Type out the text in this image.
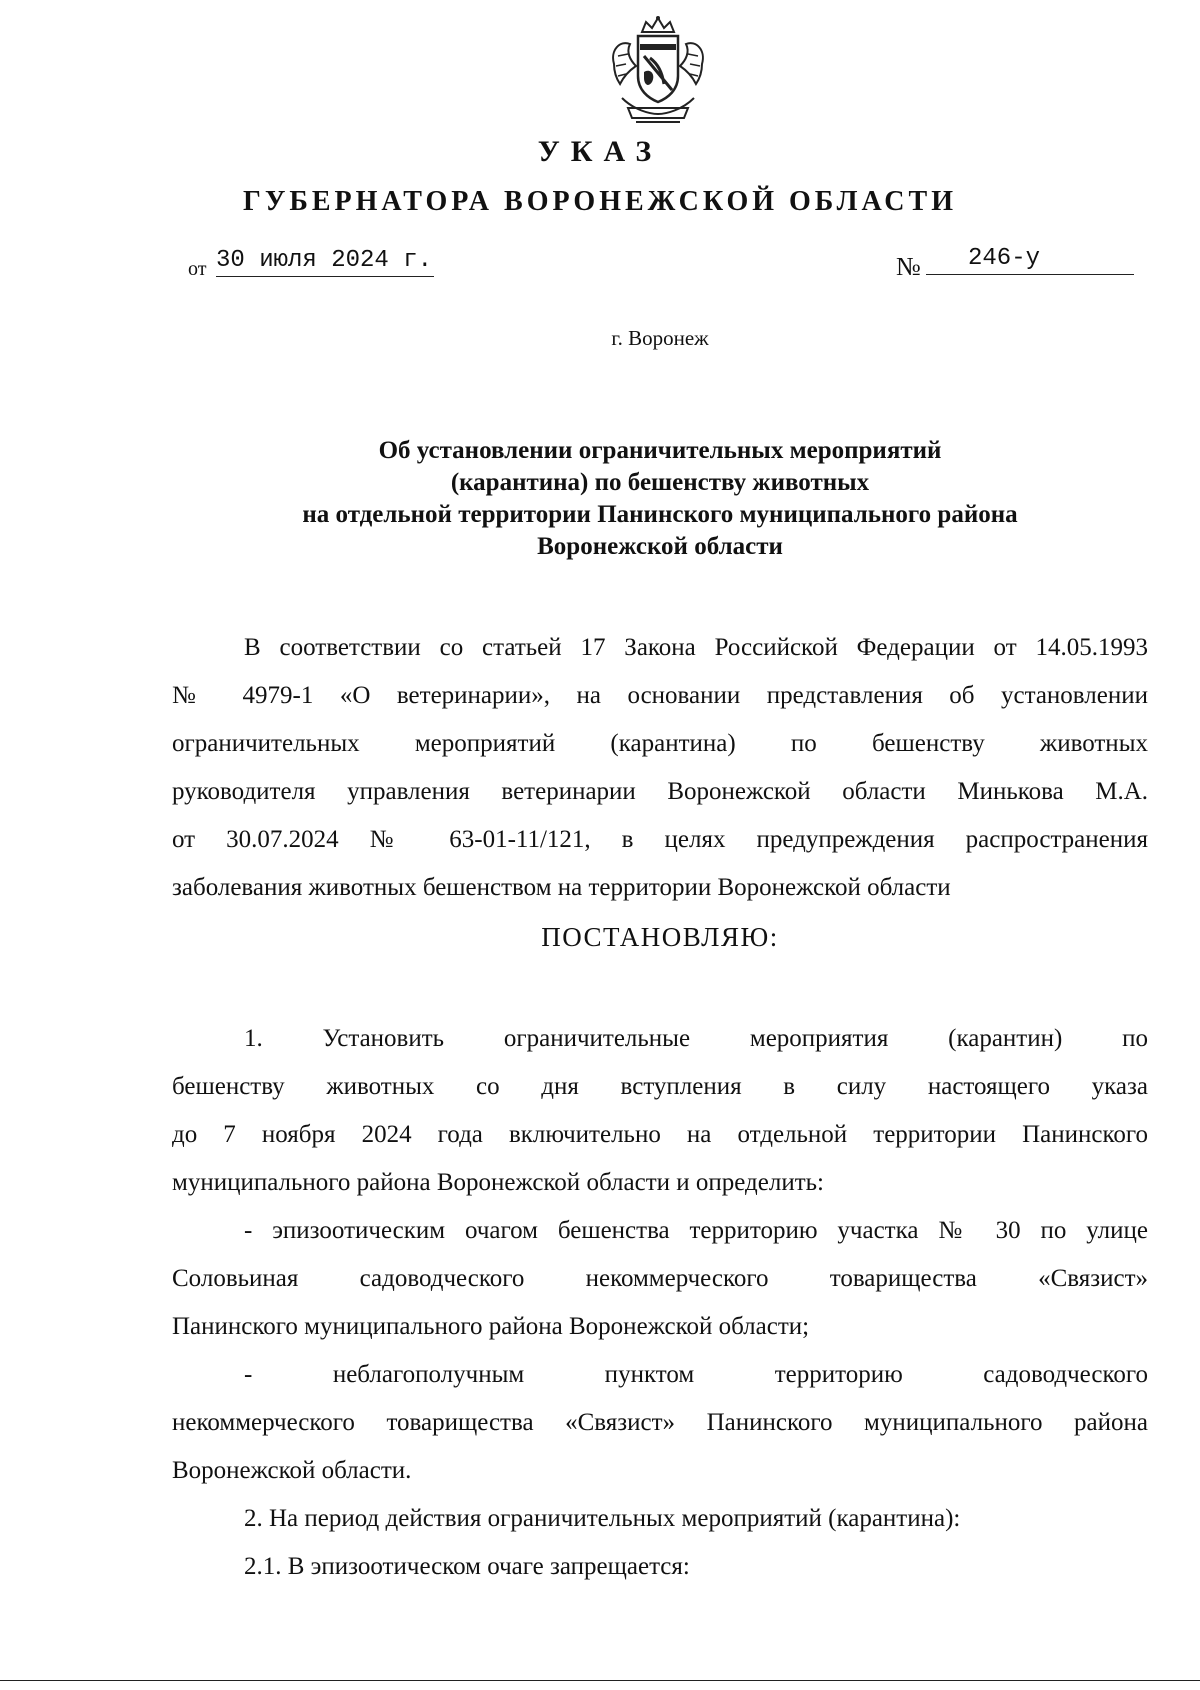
УКАЗ
ГУБЕРНАТОРА ВОРОНЕЖСКОЙ ОБЛАСТИ
от 30 июля 2024 г.	№	246-у
г. Воронеж
Об установлении ограничительных мероприятий
(карантина) по бешенству животных
на отдельной территории Панинского муниципального района
Воронежской области
В соответствии со статьей 17 Закона Российской Федерации от 14.05.1993
№ 4979-1 «О ветеринарии», на основании представления об установлении
ограничительных мероприятий (карантина) по бешенству животных
руководителя управления ветеринарии Воронежской области Минькова М.А.
от 30.07.2024 № 63-01-11/121, в целях предупреждения распространения
заболевания животных бешенством на территории Воронежской области
ПОСТАНОВЛЯЮ:
1. Установить ограничительные мероприятия (карантин) по
бешенству животных со дня вступления в силу настоящего указа
до 7 ноября 2024 года включительно на отдельной территории Панинского
муниципального района Воронежской области и определить:
- эпизоотическим очагом бешенства территорию участка № 30 по улице
Соловьиная садоводческого некоммерческого товарищества «Связист»
Панинского муниципального района Воронежской области;
- неблагополучным пунктом территорию садоводческого
некоммерческого товарищества «Связист» Панинского муниципального района
Воронежской области.
2. На период действия ограничительных мероприятий (карантина):
2.1. В эпизоотическом очаге запрещается:
